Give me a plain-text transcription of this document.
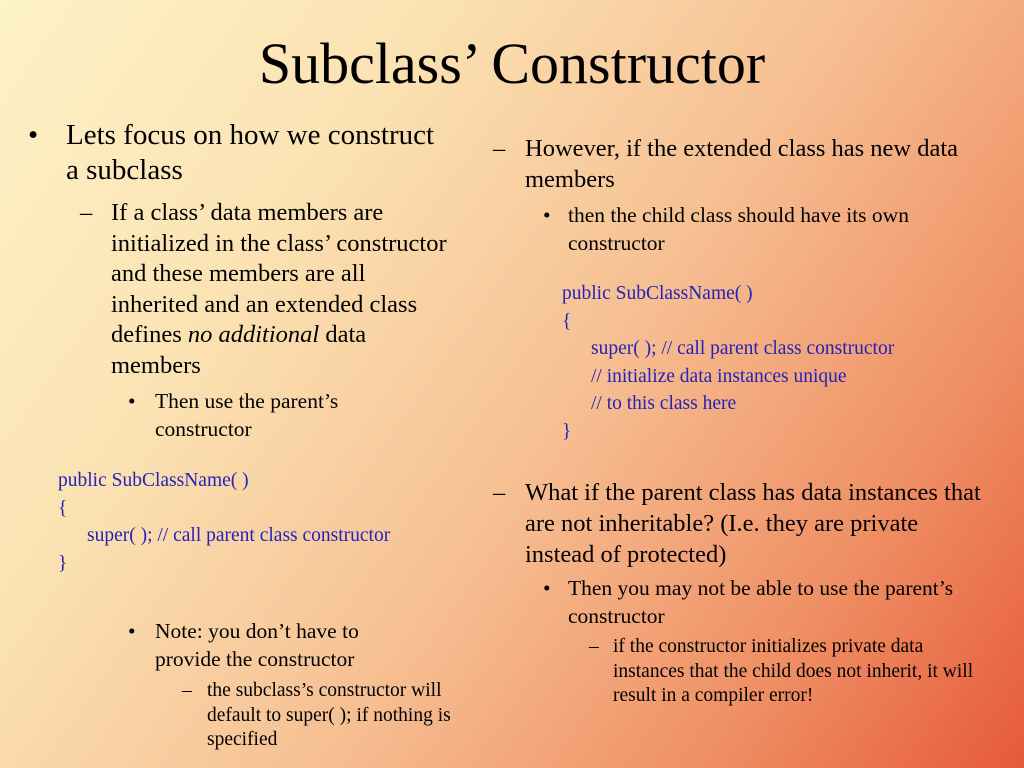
Subclass’ Constructor
• Lets focus on how we construct a subclass
– If a class’ data members are initialized in the class’ constructor and these members are all inherited and an extended class defines no additional data members
• Then use the parent’s constructor
public SubClassName( )
{
super( ); // call parent class constructor
}
• Note: you don’t have to provide the constructor
– the subclass’s constructor will default to super( ); if nothing is specified
– However, if the extended class has new data members
• then the child class should have its own constructor
public SubClassName( )
{
super( ); // call parent class constructor
// initialize data instances unique
// to this class here
}
– What if the parent class has data instances that are not inheritable? (I.e. they are private instead of protected)
• Then you may not be able to use the parent’s constructor
– if the constructor initializes private data instances that the child does not inherit, it will result in a compiler error!
